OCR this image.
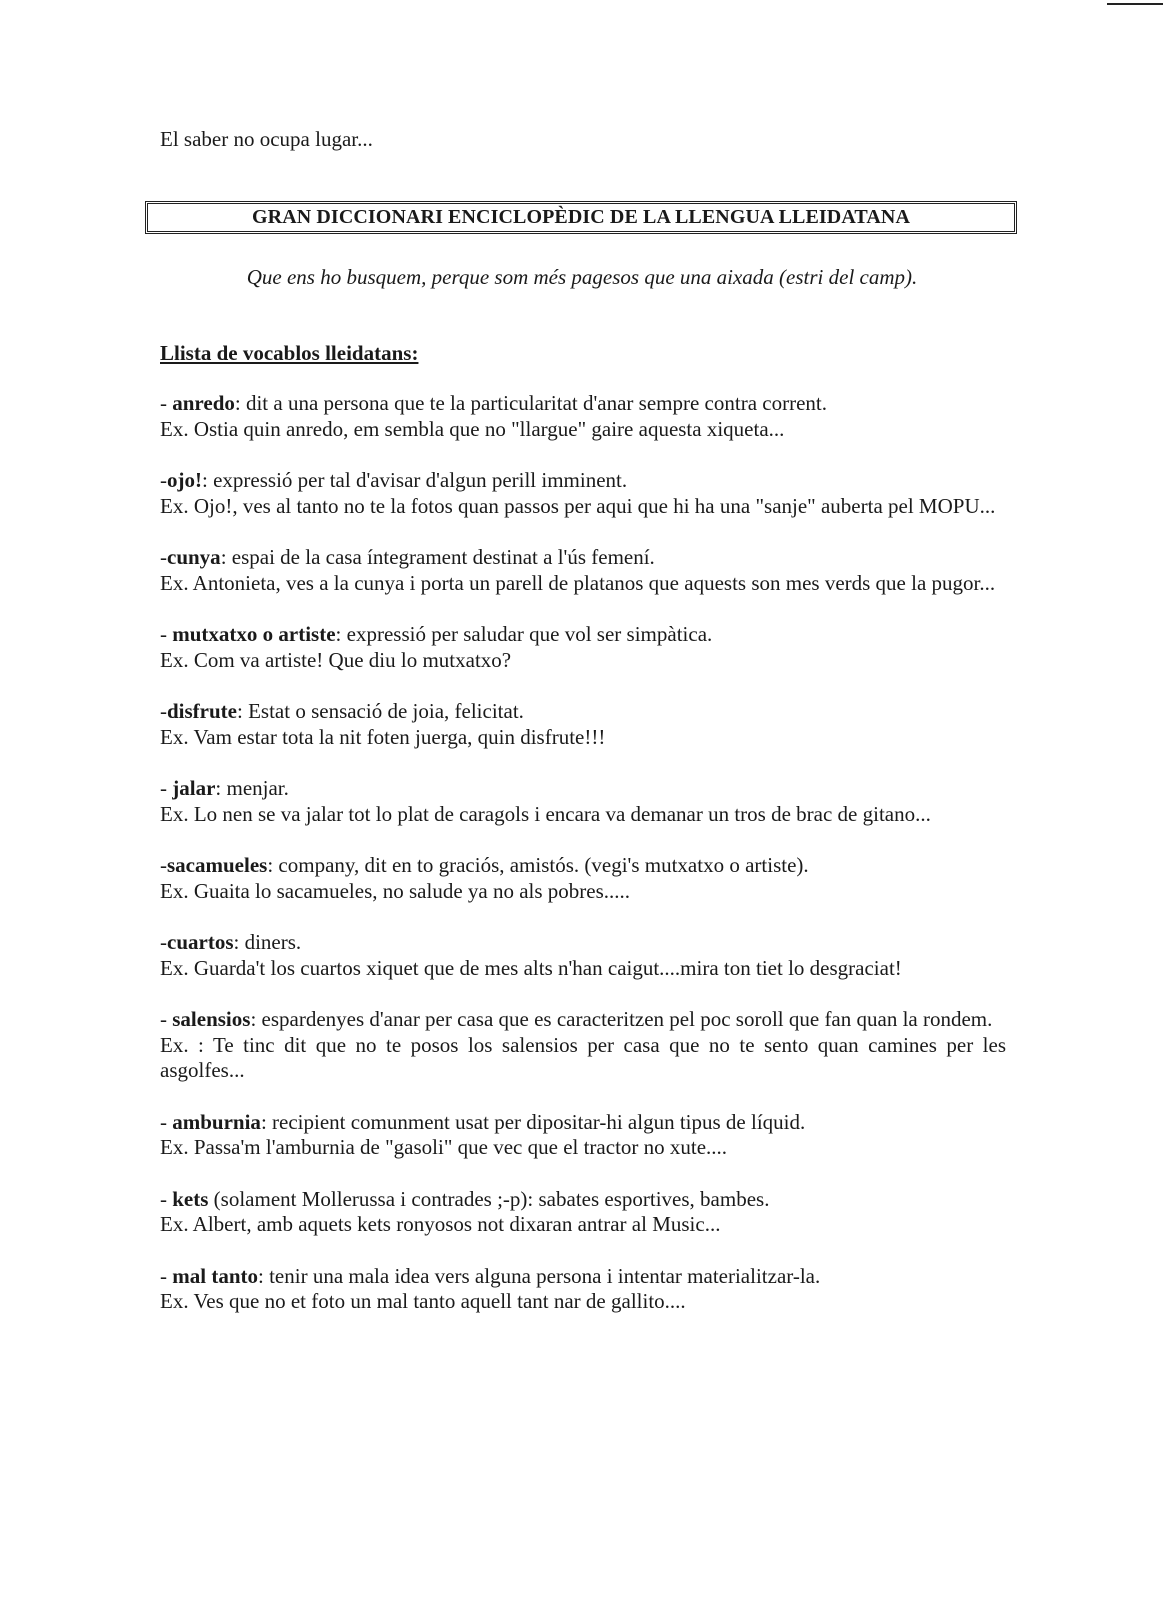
El saber no ocupa lugar...
GRAN DICCIONARI ENCICLOPÈDIC DE LA LLENGUA LLEIDATANA
Que ens ho busquem, perque som més pagesos que una aixada (estri del camp).
Llista de vocablos lleidatans:
- anredo: dit a una persona que te la particularitat d'anar sempre contra corrent.
Ex. Ostia quin anredo, em sembla que no "llargue" gaire aquesta xiqueta...
-ojo!: expressió per tal d'avisar d'algun perill imminent.
Ex. Ojo!, ves al tanto no te la fotos quan passos per aqui que hi ha una "sanje" auberta pel MOPU...
-cunya: espai de la casa íntegrament destinat a l'ús femení.
Ex. Antonieta, ves a la cunya i porta un parell de platanos que aquests son mes verds que la pugor...
- mutxatxo o artiste: expressió per saludar que vol ser simpàtica.
Ex. Com va artiste! Que diu lo mutxatxo?
-disfrute: Estat o sensació de joia, felicitat.
Ex. Vam estar tota la nit foten juerga, quin disfrute!!!
- jalar: menjar.
Ex. Lo nen se va jalar tot lo plat de caragols i encara va demanar un tros de brac de gitano...
-sacamueles: company, dit en to graciós, amistós. (vegi's mutxatxo o artiste).
Ex. Guaita lo sacamueles, no salude ya no als pobres.....
-cuartos: diners.
Ex. Guarda't los cuartos xiquet que de mes alts n'han caigut....mira ton tiet lo desgraciat!
- salensios: espardenyes d'anar per casa que es caracteritzen pel poc soroll que fan quan la rondem.
Ex. : Te tinc dit que no te posos los salensios per casa que no te sento quan camines per les asgolfes...
- amburnia: recipient comunment usat per dipositar-hi algun tipus de líquid.
Ex. Passa'm l'amburnia de "gasoli" que vec que el tractor no xute....
- kets (solament Mollerussa i contrades ;-p): sabates esportives, bambes.
Ex. Albert, amb aquets kets ronyosos not dixaran antrar al Music...
- mal tanto: tenir una mala idea vers alguna persona i intentar materialitzar-la.
Ex. Ves que no et foto un mal tanto aquell tant nar de gallito....
